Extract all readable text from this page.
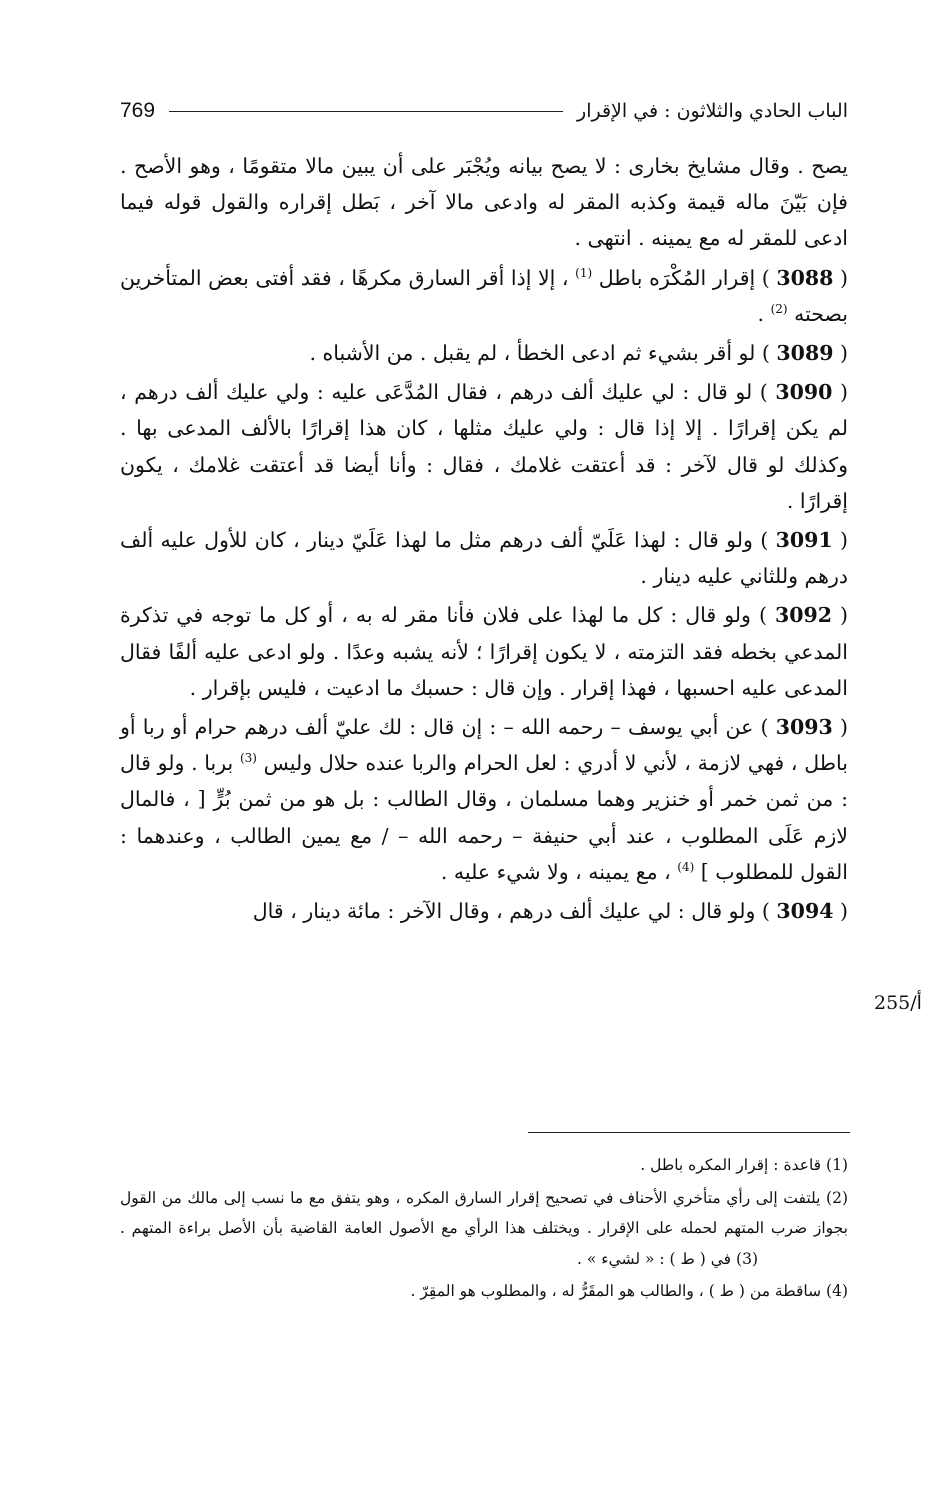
الباب الحادي والثلاثون : في الإقرار
769

يصح . وقال مشايخ بخارى : لا يصح بيانه ويُجْبَر على أن يبين مالا متقومًا ، وهو الأصح . فإن بَيّنَ ماله قيمة وكذبه المقر له وادعى مالا آخر ، بَطل إقراره والقول قوله فيما ادعى للمقر له مع يمينه . انتهى .

( 3088 ) إقرار المُكْرَه باطل $^{(1)}$ ، إلا إذا أقر السارق مكرهًا ، فقد أفتى بعض المتأخرين بصحته $^{(2)}$ .

( 3089 ) لو أقر بشيء ثم ادعى الخطأ ، لم يقبل . من الأشباه .

( 3090 ) لو قال : لي عليك ألف درهم ، فقال المُدَّعَى عليه : ولي عليك ألف درهم ، لم يكن إقرارًا . إلا إذا قال : ولي عليك مثلها ، كان هذا إقرارًا بالألف المدعى بها . وكذلك لو قال لآخر : قد أعتقت غلامك ، فقال : وأنا أيضا قد أعتقت غلامك ، يكون إقرارًا .

( 3091 ) ولو قال : لهذا عَلَيّ ألف درهم مثل ما لهذا عَلَيّ دينار ، كان للأول عليه ألف درهم وللثاني عليه دينار .

( 3092 ) ولو قال : كل ما لهذا على فلان فأنا مقر له به ، أو كل ما توجه في تذكرة المدعي بخطه فقد التزمته ، لا يكون إقرارًا ؛ لأنه يشبه وعدًا . ولو ادعى عليه ألفًا فقال المدعى عليه احسبها ، فهذا إقرار . وإن قال : حسبك ما ادعيت ، فليس بإقرار .

( 3093 ) عن أبي يوسف – رحمه الله – : إن قال : لك عليّ ألف درهم حرام أو ربا أو باطل ، فهي لازمة ، لأني لا أدري : لعل الحرام والربا عنده حلال وليس $^{(3)}$ بربا . ولو قال : من ثمن خمر أو خنزير وهما مسلمان ، وقال الطالب : بل هو من ثمن بُرٍّ [ ، فالمال لازم عَلَى المطلوب ، عند أبي حنيفة – رحمه الله – / مع يمين الطالب ، وعندهما : القول للمطلوب ] $^{(4)}$ ، مع يمينه ، ولا شيء عليه .

( 3094 ) ولو قال : لي عليك ألف درهم ، وقال الآخر : مائة دينار ، قال

255/أ

(1) قاعدة : إقرار المكره باطل .

(2) يلتفت إلى رأي متأخري الأحناف في تصحيح إقرار السارق المكره ، وهو يتفق مع ما نسب إلى مالك من القول بجواز ضرب المتهم لحمله على الإقرار . ويختلف هذا الرأي مع الأصول العامة القاضية بأن الأصل براءة المتهم .(3) في ( ط ) : « لشيء » .

(4) ساقطة من ( ط ) ، والطالب هو المقَرُّ له ، والمطلوب هو المقِرّ .
